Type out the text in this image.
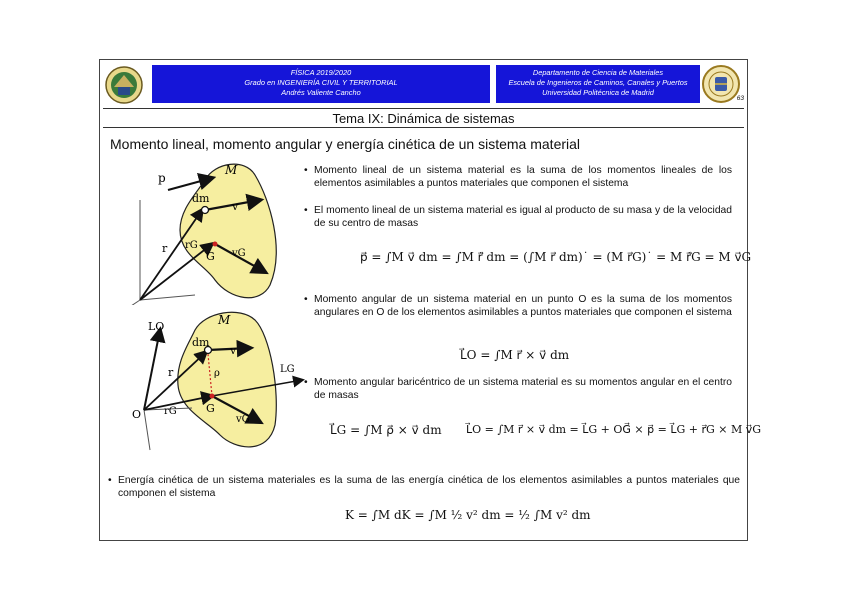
FÍSICA 2019/2020
Grado en INGENIERÍA CIVIL Y TERRITORIAL
Andrés Valiente Cancho
Departamento de Ciencia de Materiales
Escuela de Ingenieros de Caminos, Canales y Puertos
Universidad Politécnica de Madrid
63
Tema IX: Dinámica de sistemas
Momento lineal, momento angular y energía cinética de un sistema material
M
p
dm
v
r rG
G vG
LO	M
dm
v
ρ
r
O rG	G
vG
LG
• Momento lineal de un sistema material es la suma de los momentos lineales de los elementos asimilables a puntos materiales que componen el sistema
• El momento lineal de un sistema material es igual al producto de su masa y de la velocidad de su centro de masas
p⃗ = ∫M v⃗ dm = ∫M r⃗̇ dm = (∫M r⃗ dm)˙ = (M r⃗G)˙ = M r⃗̇G = M v⃗G
• Momento angular de un sistema material en un punto O es la suma de los momentos angulares en O de los elementos asimilables a puntos materiales que componen el sistema
L⃗O = ∫M r⃗ × v⃗ dm
• Momento angular baricéntrico de un sistema material es su momentos angular en el centro de masas
L⃗G = ∫M ρ⃗ × v⃗ dm L⃗O = ∫M r⃗ × v⃗ dm = L⃗G + OG⃗ × p⃗ = L⃗G + r⃗G × M v⃗G
• Energía cinética de un sistema materiales es la suma de las energía cinética de los elementos asimilables a puntos materiales que componen el sistema
K = ∫M dK = ∫M ½ v² dm = ½ ∫M v² dm
